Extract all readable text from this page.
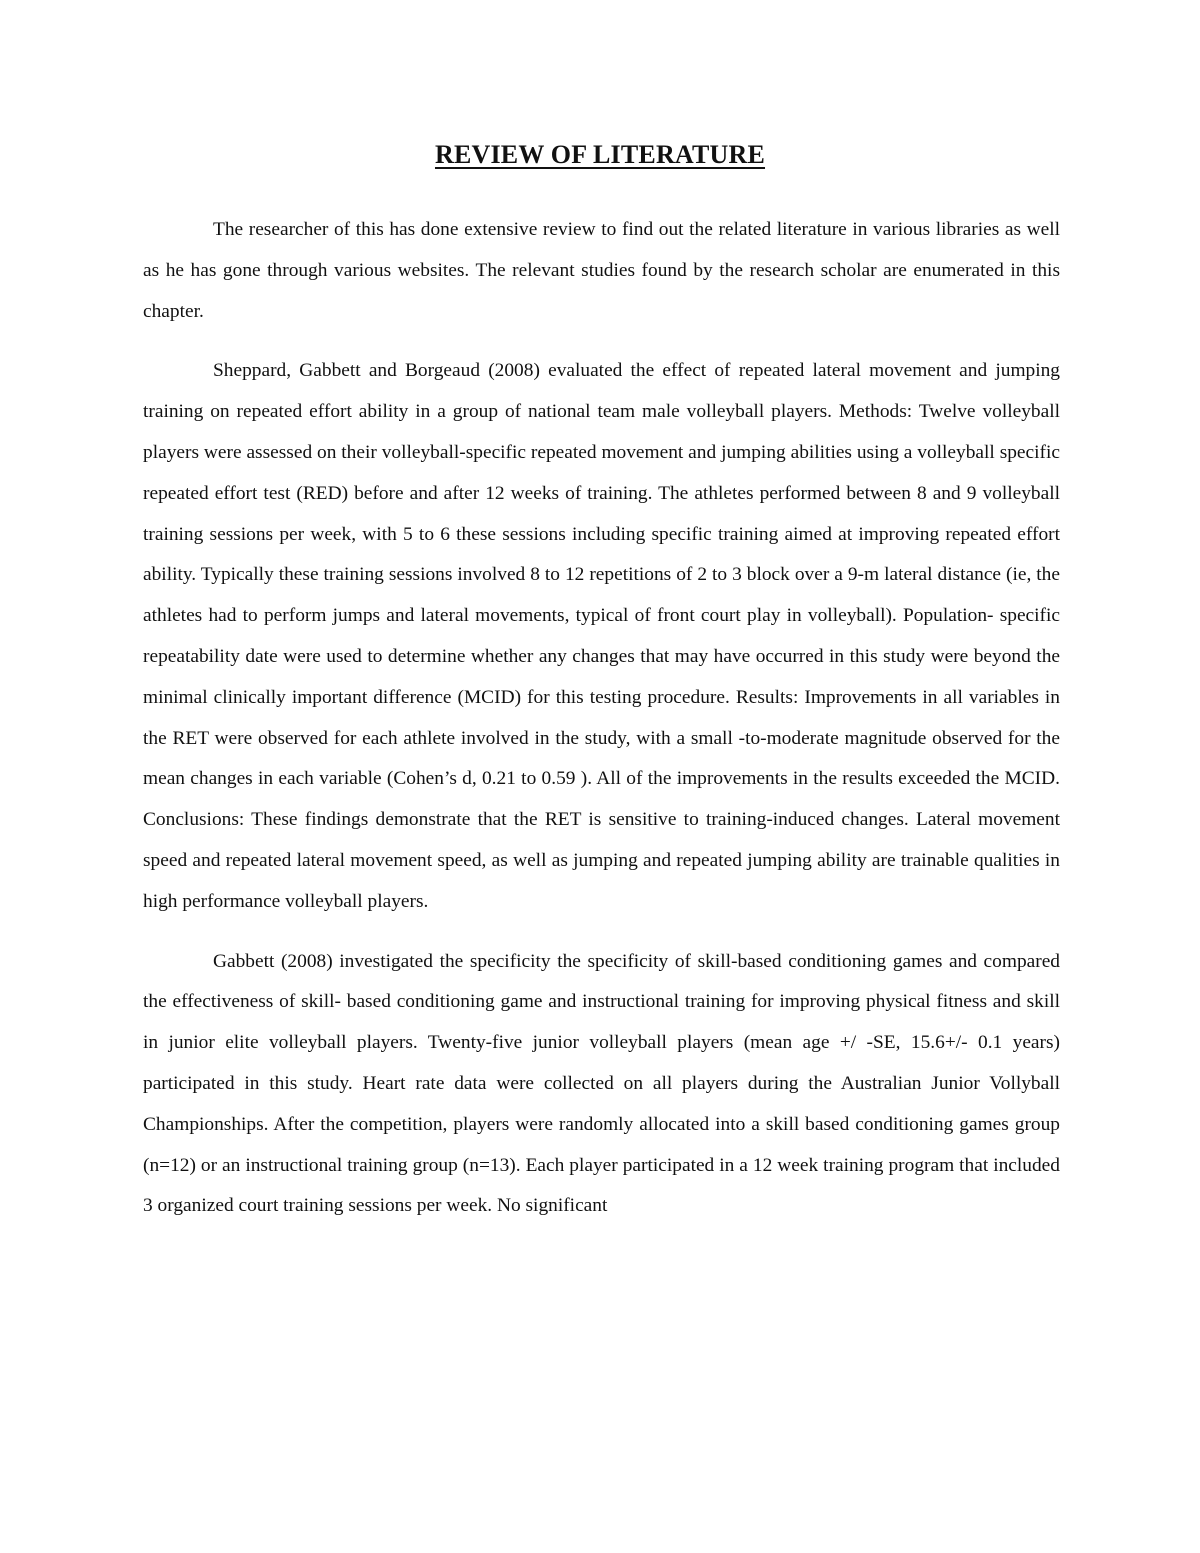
REVIEW OF LITERATURE

The researcher of this has done extensive review to find out the related literature in various libraries as well as he has gone through various websites. The relevant studies found by the research scholar are enumerated in this chapter.

Sheppard, Gabbett and Borgeaud (2008) evaluated the effect of repeated lateral movement and jumping training on repeated effort ability in a group of national team male volleyball players. Methods: Twelve volleyball players were assessed on their volleyball-specific repeated movement and jumping abilities using a volleyball specific repeated effort test (RED) before and after 12 weeks of training. The athletes performed between 8 and 9 volleyball training sessions per week, with 5 to 6 these sessions including specific training aimed at improving repeated effort ability. Typically these training sessions involved 8 to 12 repetitions of 2 to 3 block over a 9-m lateral distance (ie, the athletes had to perform jumps and lateral movements, typical of front court play in volleyball). Population- specific repeatability date were used to determine whether any changes that may have occurred in this study were beyond the minimal clinically important difference (MCID) for this testing procedure. Results: Improvements in all variables in the RET were observed for each athlete involved in the study, with a small -to-moderate magnitude observed for the mean changes in each variable (Cohen’s d, 0.21 to 0.59 ). All of the improvements in the results exceeded the MCID. Conclusions: These findings demonstrate that the RET is sensitive to training-induced changes. Lateral movement speed and repeated lateral movement speed, as well as jumping and repeated jumping ability are trainable qualities in high performance volleyball players.

Gabbett (2008) investigated the specificity the specificity of skill-based conditioning games and compared the effectiveness of skill- based conditioning game and instructional training for improving physical fitness and skill in junior elite volleyball players. Twenty-five junior volleyball players (mean age +/ -SE, 15.6+/- 0.1 years) participated in this study. Heart rate data were collected on all players during the Australian Junior Vollyball Championships. After the competition, players were randomly allocated into a skill based conditioning games group (n=12) or an instructional training group (n=13). Each player participated in a 12 week training program that included 3 organized court training sessions per week. No significant
